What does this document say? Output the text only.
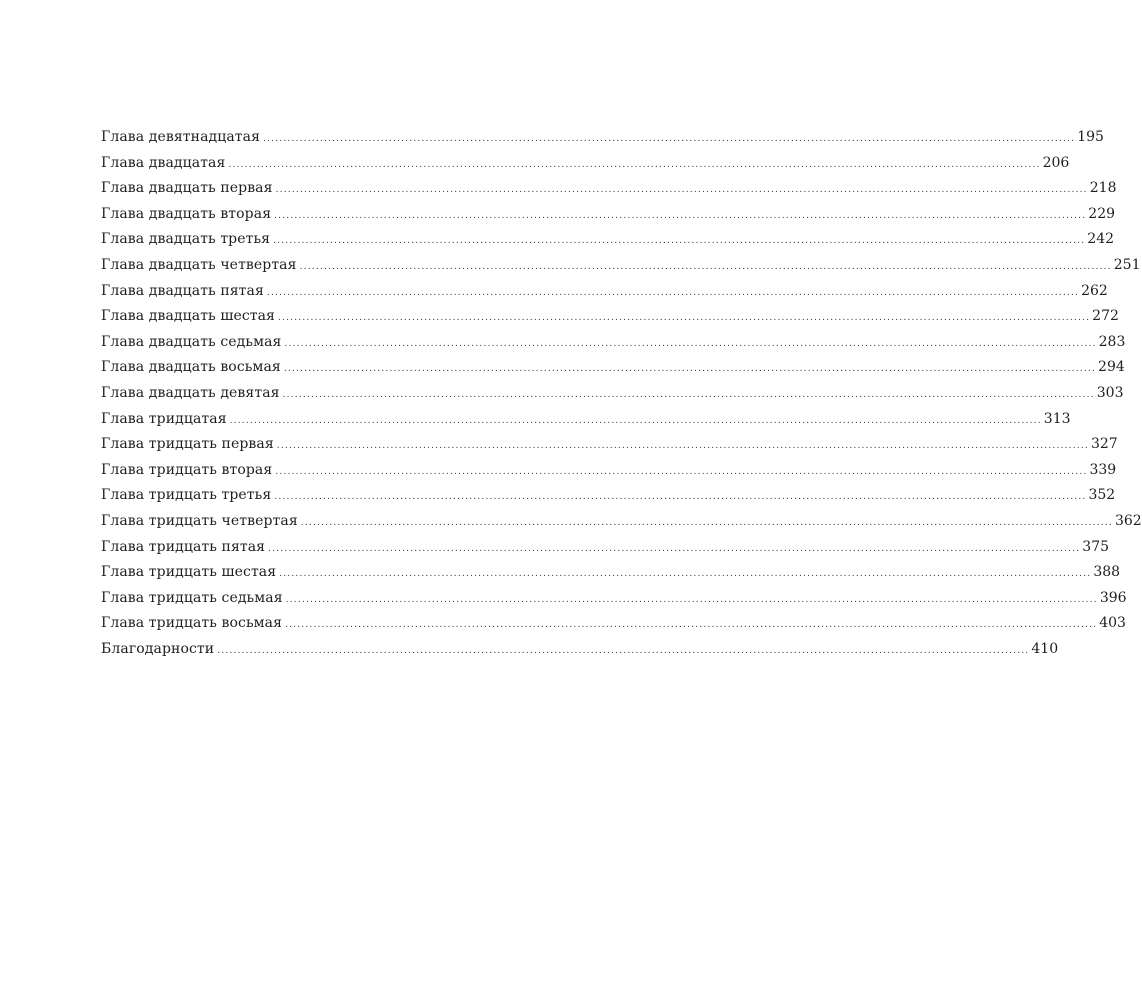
Глава девятнадцатая ........................................................................................................................................................................................................ 195
Глава двадцатая ........................................................................................................................................................................................................ 206
Глава двадцать первая ........................................................................................................................................................................................................ 218
Глава двадцать вторая ........................................................................................................................................................................................................ 229
Глава двадцать третья ........................................................................................................................................................................................................ 242
Глава двадцать четвертая ........................................................................................................................................................................................................ 251
Глава двадцать пятая ........................................................................................................................................................................................................ 262
Глава двадцать шестая ........................................................................................................................................................................................................ 272
Глава двадцать седьмая ........................................................................................................................................................................................................ 283
Глава двадцать восьмая ........................................................................................................................................................................................................ 294
Глава двадцать девятая ........................................................................................................................................................................................................ 303
Глава тридцатая ........................................................................................................................................................................................................ 313
Глава тридцать первая ........................................................................................................................................................................................................ 327
Глава тридцать вторая ........................................................................................................................................................................................................ 339
Глава тридцать третья ........................................................................................................................................................................................................ 352
Глава тридцать четвертая ........................................................................................................................................................................................................ 362
Глава тридцать пятая ........................................................................................................................................................................................................ 375
Глава тридцать шестая ........................................................................................................................................................................................................ 388
Глава тридцать седьмая ........................................................................................................................................................................................................ 396
Глава тридцать восьмая ........................................................................................................................................................................................................ 403
Благодарности ........................................................................................................................................................................................................ 410
